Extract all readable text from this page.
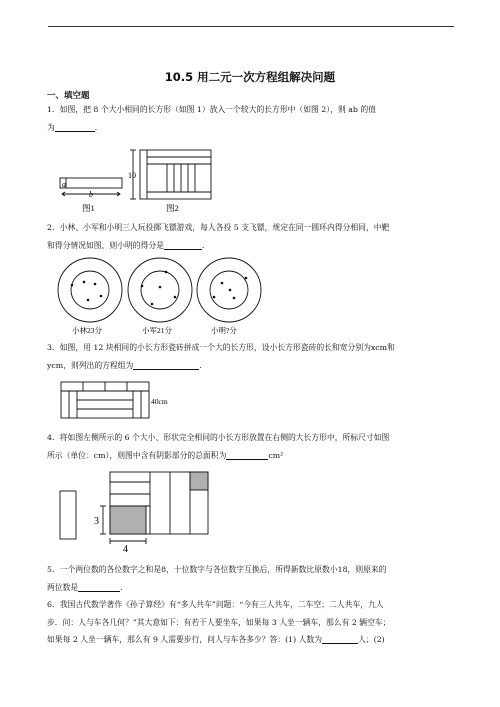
10.5 用二元一次方程组解决问题
一、填空题
1．如图，把 8 个大小相同的长方形（如图 1）放入一个较大的长方形中（如图 2），则 ab 的值
为	.
a
b
图1
10
图2
2．小林、小军和小明三人玩投掷飞镖游戏，每人各投 5 支飞镖，规定在同一圆环内得分相同，中靶
和得分情况如图，则小明的得分是	.
小林23分	小军21分	小明?分
3．如图，用 12 块相同的小长方形瓷砖拼成一个大的长方形，设小长方形瓷砖的长和宽分别为xcm和
ycm，则列出的方程组为	.
40cm
4．将如图左侧所示的 6 个大小、形状完全相同的小长方形放置在右侧的大长方形中，所标尺寸如图
所示（单位：cm），则图中含有阴影部分的总面积为	cm²
3
4
5．一个两位数的各位数字之和是8，十位数字与各位数字互换后，所得新数比原数小18，则原来的
两位数是	.
6．我国古代数学著作《孙子算经》有“多人共车”问题：“今有三人共车，二车空；二人共车，九人
步．问：人与车各几何？”其大意如下：有若干人要坐车，如果每 3 人坐一辆车，那么有 2 辆空车；
如果每 2 人坐一辆车，那么有 9 人需要步行，问人与车各多少？答：(1) 人数为	人；(2)
